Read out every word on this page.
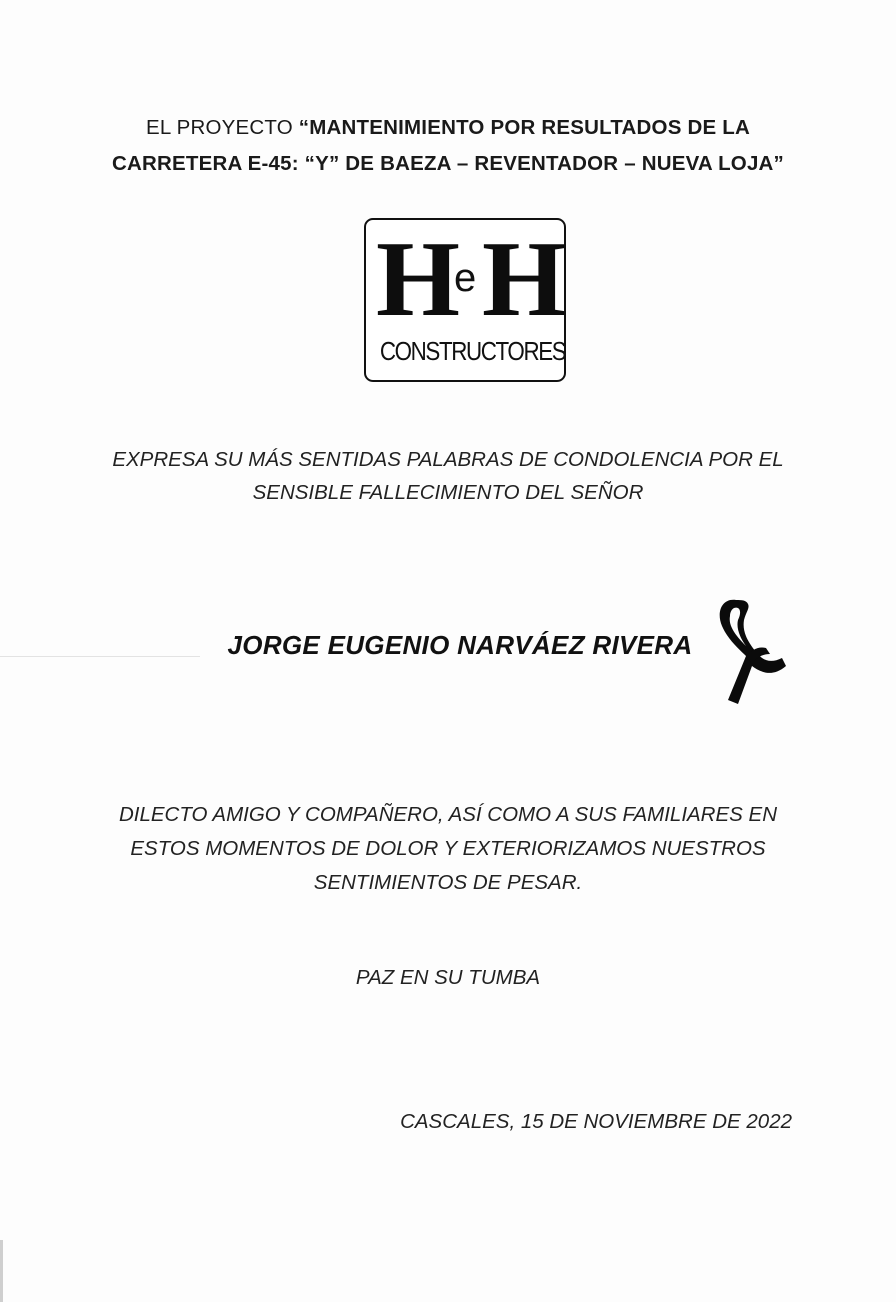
EL PROYECTO “MANTENIMIENTO POR RESULTADOS DE LA
CARRETERA E-45: “Y” DE BAEZA – REVENTADOR – NUEVA LOJA”
H
e H
CONSTRUCTORES
EXPRESA SU MÁS SENTIDAS PALABRAS DE CONDOLENCIA POR EL
SENSIBLE FALLECIMIENTO DEL SEÑOR
JORGE EUGENIO NARVÁEZ RIVERA
DILECTO AMIGO Y COMPAÑERO, ASÍ COMO A SUS FAMILIARES EN
ESTOS MOMENTOS DE DOLOR Y EXTERIORIZAMOS NUESTROS
SENTIMIENTOS DE PESAR.
PAZ EN SU TUMBA
CASCALES, 15 DE NOVIEMBRE DE 2022
